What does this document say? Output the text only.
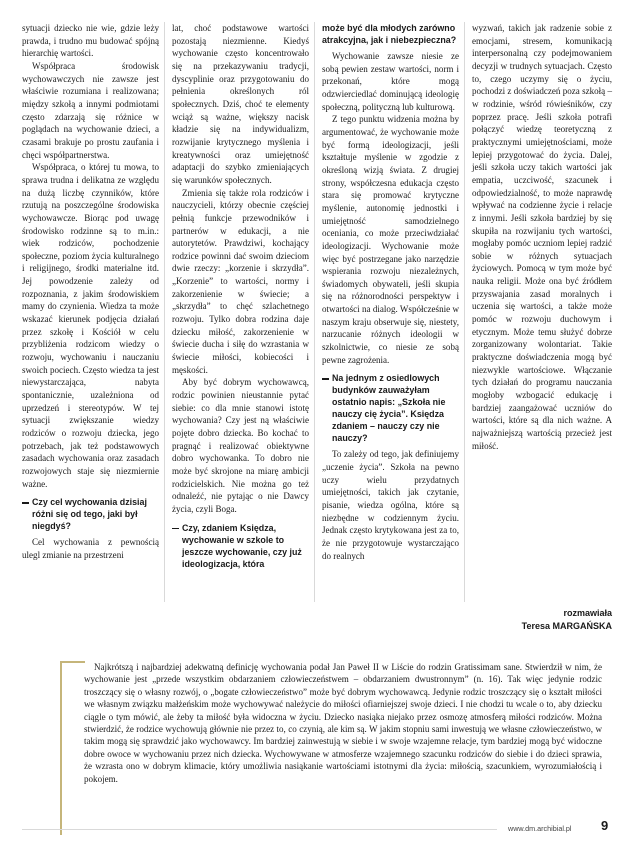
sytuacji dziecko nie wie, gdzie leży prawda, i trudno mu budować spójną hierarchię wartości.

Współpraca środowisk wychowawczych nie zawsze jest właściwie rozumiana i realizowana; między szkołą a innymi podmiotami często zdarzają się różnice w poglądach na wychowanie dzieci, a czasami brakuje po prostu zaufania i chęci współpartnerstwa.

Współpraca, o której tu mowa, to sprawa trudna i delikatna ze względu na dużą liczbę czynników, które rzutują na poszczególne środowiska wychowawcze. Biorąc pod uwagę środowisko rodzinne są to m.in.: wiek rodziców, pochodzenie społeczne, poziom życia kulturalnego i religijnego, środki materialne itd. Jej powodzenie zależy od rozpoznania, z jakim środowiskiem mamy do czynienia. Wiedza ta może wskazać kierunek podjęcia działań przez szkołę i Kościół w celu przybliżenia rodzicom wiedzy o rozwoju, wychowaniu i nauczaniu swoich pociech. Często wiedza ta jest niewystarczająca, nabyta spontanicznie, uzależniona od uprzedzeń i stereotypów. W tej sytuacji zwiększanie wiedzy rodziców o rozwoju dziecka, jego potrzebach, jak też podstawowych zasadach wychowania oraz zasadach rozwojowych staje się niezmiernie ważne.

Czy cel wychowania dzisiaj różni się od tego, jaki był niegdyś?

Cel wychowania z pewnością ulegl zmianie na przestrzeni

lat, choć podstawowe wartości pozostają niezmienne. Kiedyś wychowanie często koncentrowało się na przekazywaniu tradycji, dyscyplinie oraz przygotowaniu do pełnienia określonych ról społecznych. Dziś, choć te elementy wciąż są ważne, większy nacisk kładzie się na indywidualizm, rozwijanie krytycznego myślenia i kreatywności oraz umiejętność adaptacji do szybko zmieniających się warunków społecznych.

Zmienia się także rola rodziców i nauczycieli, którzy obecnie częściej pełnią funkcje przewodników i partnerów w edukacji, a nie autorytetów. Prawdziwi, kochający rodzice powinni dać swoim dzieciom dwie rzeczy: „korzenie i skrzydła”. „Korzenie” to wartości, normy i zakorzenienie w świecie; a „skrzydła” to chęć szlachetnego rozwoju. Tylko dobra rodzina daje dziecku miłość, zakorzenienie w świecie ducha i siłę do wzrastania w świecie miłości, kobiecości i męskości.

Aby być dobrym wychowawcą, rodzic powinien nieustannie pytać siebie: co dla mnie stanowi istotę wychowania? Czy jest ną właściwie pojęte dobro dziecka. Bo kochać to pragnąć i realizować obiektywne dobro wychowanka. To dobro nie może być skrojone na miarę ambicji rodzicielskich. Nie można go też odnaleźć, nie pytając o nie Dawcy życia, czyli Boga.

Czy, zdaniem Księdza, wychowanie w szkole to jeszcze wychowanie, czy już ideologizacja, która
może być dla młodych zarówno atrakcyjna, jak i niebezpieczna?

Wychowanie zawsze niesie ze sobą pewien zestaw wartości, norm i przekonań, które mogą odzwierciedlać dominującą ideologię społeczną, polityczną lub kulturową.

Z tego punktu widzenia można by argumentować, że wychowanie może być formą ideologizacji, jeśli kształtuje myślenie w zgodzie z określoną wizją świata. Z drugiej strony, współczesna edukacja często stara się promować krytyczne myślenie, autonomię jednostki i umiejętność samodzielnego oceniania, co może przeciwdziałać ideologizacji. Wychowanie może więc być postrzegane jako narzędzie wspierania rozwoju niezależnych, świadomych obywateli, jeśli skupia się na różnorodności perspektyw i otwartości na dialog. Współcześnie w naszym kraju obserwuje się, niestety, narzucanie różnych ideologii w szkolnictwie, co niesie ze sobą pewne zagrożenia.

Na jednym z osiedlowych budynków zauważyłam ostatnio napis: „Szkoła nie nauczy cię życia”. Księdza zdaniem – nauczy czy nie nauczy?

To zależy od tego, jak definiujemy „uczenie życia”. Szkoła na pewno uczy wielu przydatnych umiejętności, takich jak czytanie, pisanie, wiedza ogólna, które są niezbędne w codziennym życiu. Jednak często krytykowana jest za to, że nie przygotowuje wystarczająco do realnych

wyzwań, takich jak radzenie sobie z emocjami, stresem, komunikacją interpersonalną czy podejmowaniem decyzji w trudnych sytuacjach. Często to, czego uczymy się o życiu, pochodzi z doświadczeń poza szkołą – w rodzinie, wśród rówieśników, czy poprzez pracę. Jeśli szkoła potrafi połączyć wiedzę teoretyczną z praktycznymi umiejętnościami, może lepiej przygotować do życia. Dalej, jeśli szkoła uczy takich wartości jak empatia, uczciwość, szacunek i odpowiedzialność, to może naprawdę wpływać na codzienne życie i relacje z innymi. Jeśli szkoła bardziej by się skupiła na rozwijaniu tych wartości, mogłaby pomóc uczniom lepiej radzić sobie w różnych sytuacjach życiowych. Pomocą w tym może być nauka religii. Może ona być źródłem przyswajania zasad moralnych i uczenia się wartości, a także może pomóc w rozwoju duchowym i etycznym. Może temu służyć dobrze zorganizowany wolontariat. Takie praktyczne doświadczenia mogą być niezwykle wartościowe. Włączanie tych działań do programu nauczania mogłoby wzbogacić edukację i bardziej zaangażować uczniów do wartości, które są dla nich ważne. A najważniejszą wartością przecież jest miłość.

rozmawiała
Teresa MARGAŃSKA

Najkrótszą i najbardziej adekwatną definicję wychowania podał Jan Paweł II w Liście do rodzin Gratissimam sane. Stwierdził w nim, że wychowanie jest „przede wszystkim obdarzaniem człowieczeństwem – obdarzaniem dwustronnym” (n. 16). Tak więc jedynie rodzic troszczący się o własny rozwój, o „bogate człowieczeństwo” może być dobrym wychowawcą. Jedynie rodzic troszczący się o kształt miłości we własnym związku małżeńskim może wychowywać należycie do miłości ofiarniejszej swoje dzieci. I nie chodzi tu wcale o to, aby dziecku ciągle o tym mówić, ale żeby ta miłość była widoczna w życiu. Dziecko nasiąka niejako przez osmozę atmosferą miłości rodziców. Można stwierdzić, że rodzice wychowują głównie nie przez to, co czynią, ale kim są. W jakim stopniu sami inwestują we własne człowieczeństwo, w takim mogą się sprawdzić jako wychowawcy. Im bardziej zainwestują w siebie i w swoje wzajemne relacje, tym bardziej mogą być widoczne dobre owoce w wychowaniu przez nich dziecka. Wychowywane w atmosferze wzajemnego szacunku rodziców do siebie i do dzieci sprawia, że wzrasta ono w dobrym klimacie, który umożliwia nasiąkanie wartościami istotnymi dla życia: miłością, szacunkiem, wyrozumiałością i pokojem.

www.dm.archibial.pl 9
